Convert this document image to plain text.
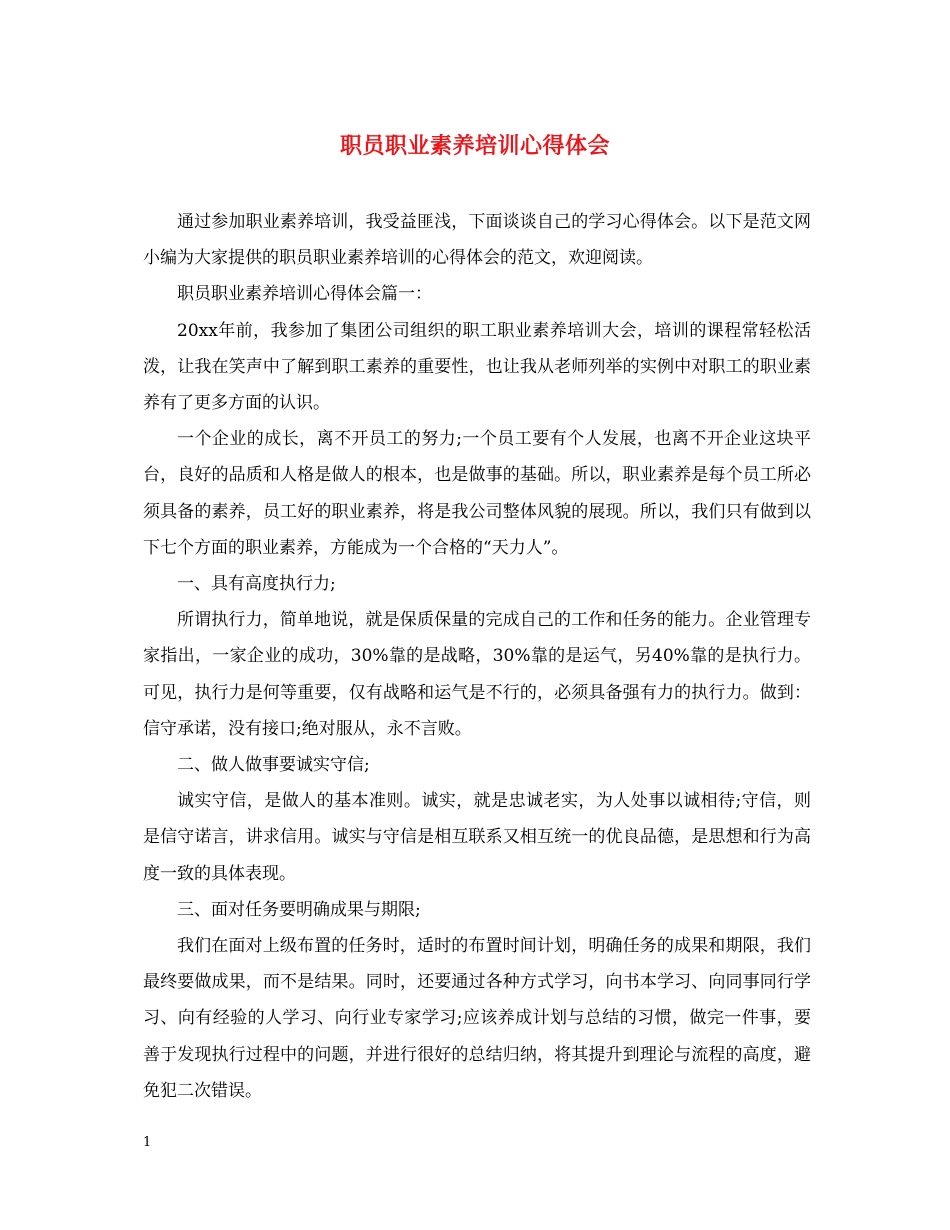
职员职业素养培训心得体会

通过参加职业素养培训，我受益匪浅，下面谈谈自己的学习心得体会。以下是范文网小编为大家提供的职员职业素养培训的心得体会的范文，欢迎阅读。

职员职业素养培训心得体会篇一：

20xx年前，我参加了集团公司组织的职工职业素养培训大会，培训的课程常轻松活泼，让我在笑声中了解到职工素养的重要性，也让我从老师列举的实例中对职工的职业素养有了更多方面的认识。

一个企业的成长，离不开员工的努力;一个员工要有个人发展，也离不开企业这块平台，良好的品质和人格是做人的根本，也是做事的基础。所以，职业素养是每个员工所必须具备的素养，员工好的职业素养，将是我公司整体风貌的展现。所以，我们只有做到以下七个方面的职业素养，方能成为一个合格的“天力人”。

一、具有高度执行力;

所谓执行力，简单地说，就是保质保量的完成自己的工作和任务的能力。企业管理专家指出，一家企业的成功，30%靠的是战略，30%靠的是运气，另40%靠的是执行力。可见，执行力是何等重要，仅有战略和运气是不行的，必须具备强有力的执行力。做到：信守承诺，没有接口;绝对服从，永不言败。

二、做人做事要诚实守信;

诚实守信，是做人的基本准则。诚实，就是忠诚老实，为人处事以诚相待;守信，则是信守诺言，讲求信用。诚实与守信是相互联系又相互统一的优良品德，是思想和行为高度一致的具体表现。

三、面对任务要明确成果与期限;

我们在面对上级布置的任务时，适时的布置时间计划，明确任务的成果和期限，我们最终要做成果，而不是结果。同时，还要通过各种方式学习，向书本学习、向同事同行学习、向有经验的人学习、向行业专家学习;应该养成计划与总结的习惯，做完一件事，要善于发现执行过程中的问题，并进行很好的总结归纳，将其提升到理论与流程的高度，避免犯二次错误。

1
